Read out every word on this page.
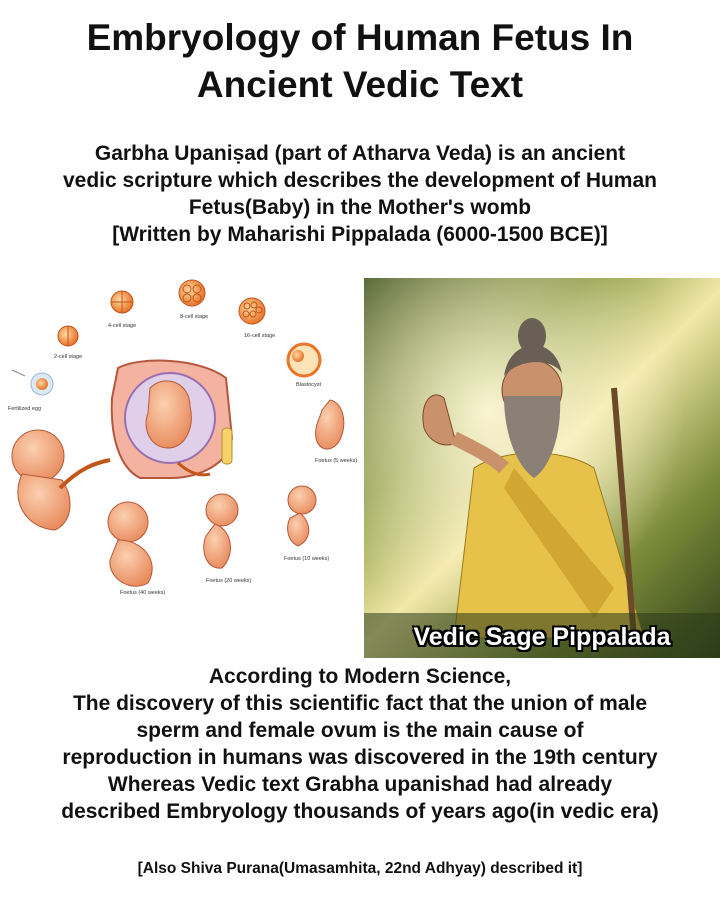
Embryology of Human Fetus In
Ancient Vedic Text
Garbha Upaniṣad (part of Atharva Veda) is an ancient
vedic scripture which describes the development of Human
Fetus(Baby) in the Mother's womb
[Written by Maharishi Pippalada (6000-1500 BCE)]
Fertilized egg
2-cell stage
4-cell stage
8-cell stage
16-cell stage
Blastocyst
Foetus (5 weeks)
Foetus (10 weeks)
Foetus (20 weeks)
Foetus (40 weeks)
Vedic Sage Pippalada
According to Modern Science,
The discovery of this scientific fact that the union of male
sperm and female ovum is the main cause of
reproduction in humans was discovered in the 19th century
Whereas Vedic text Grabha upanishad had already
described Embryology thousands of years ago(in vedic era)
[Also Shiva Purana(Umasamhita, 22nd Adhyay) described it]
